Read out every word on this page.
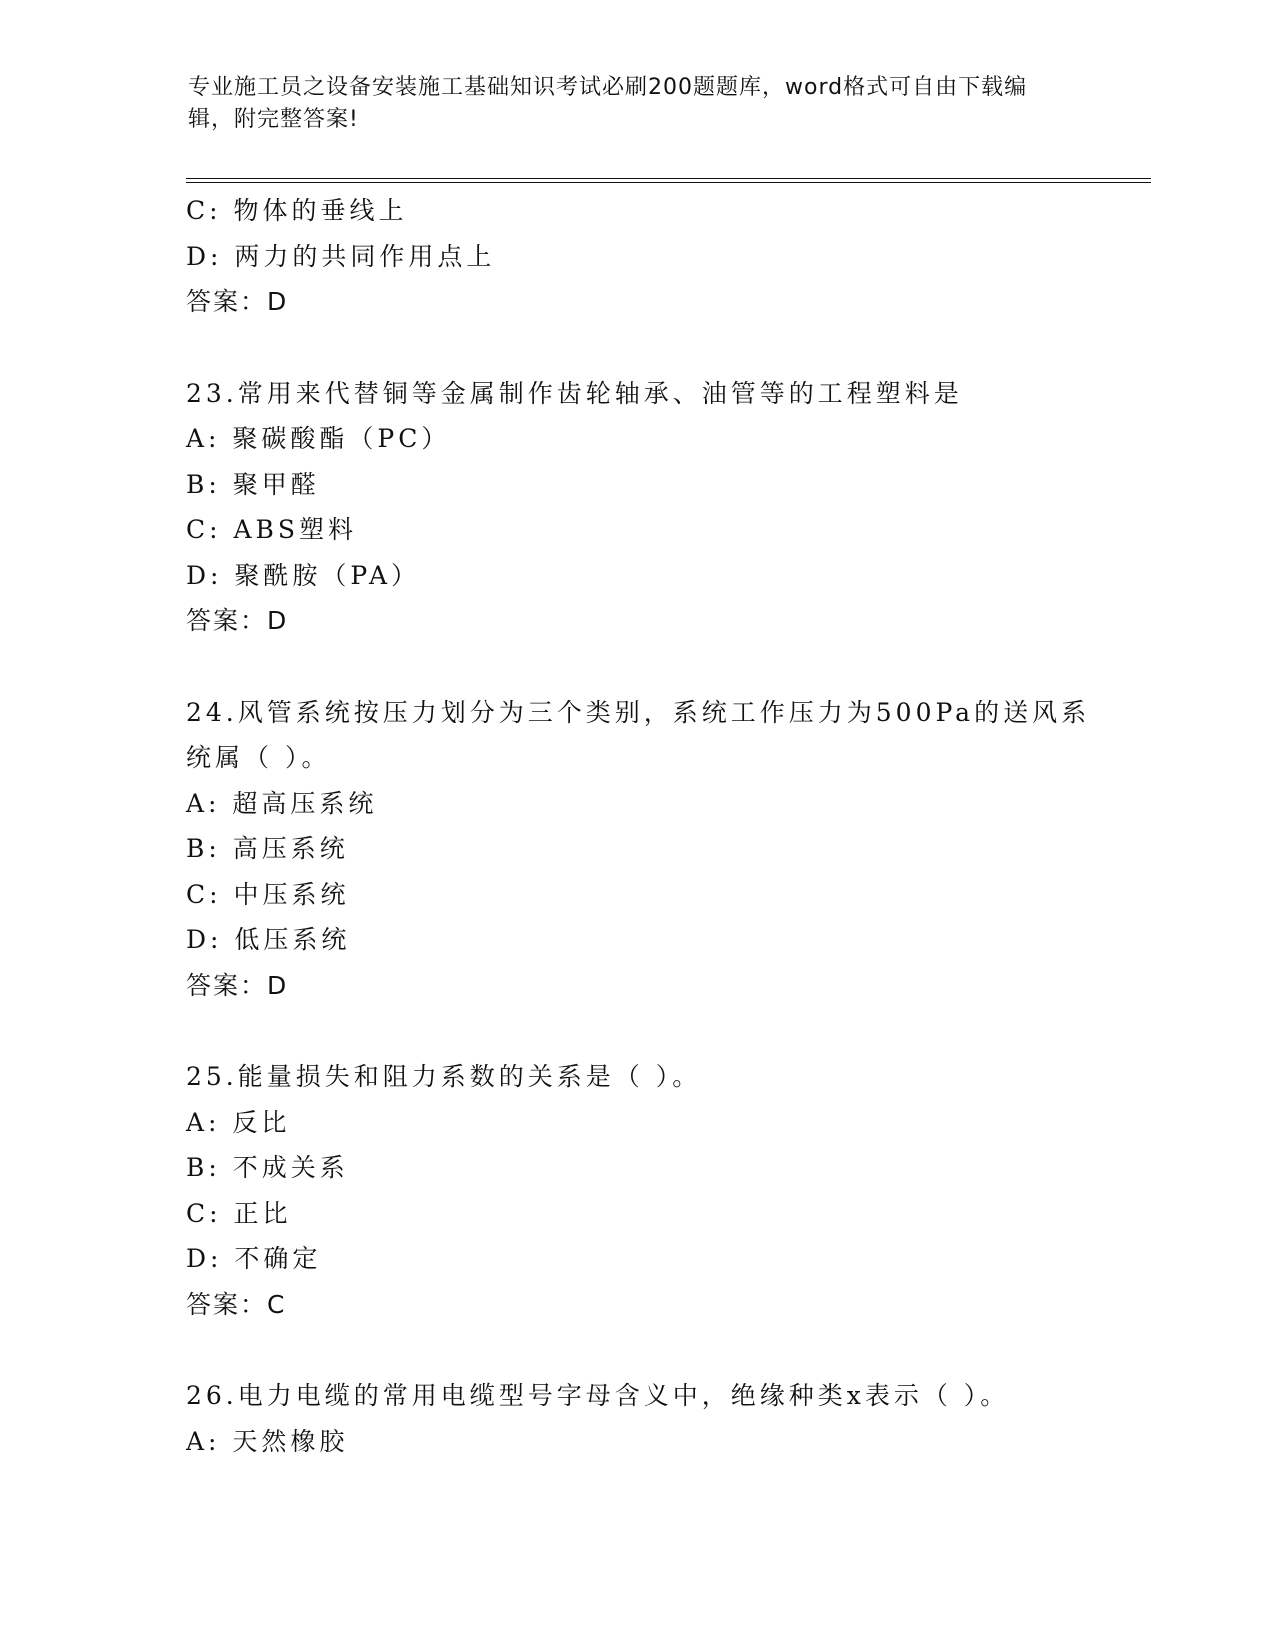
专业施工员之设备安装施工基础知识考试必刷200题题库，word格式可自由下载编辑，附完整答案!
C: 物体的垂线上
D: 两力的共同作用点上
答案：D
23.常用来代替铜等金属制作齿轮轴承、油管等的工程塑料是
A: 聚碳酸酯（PC）
B: 聚甲醛
C: ABS塑料
D: 聚酰胺（PA）
答案：D
24.风管系统按压力划分为三个类别，系统工作压力为500Pa的送风系
统属（ ）。
A: 超高压系统
B: 高压系统
C: 中压系统
D: 低压系统
答案：D
25.能量损失和阻力系数的关系是（ ）。
A: 反比
B: 不成关系
C: 正比
D: 不确定
答案：C
26.电力电缆的常用电缆型号字母含义中，绝缘种类x表示（ ）。
A: 天然橡胶
